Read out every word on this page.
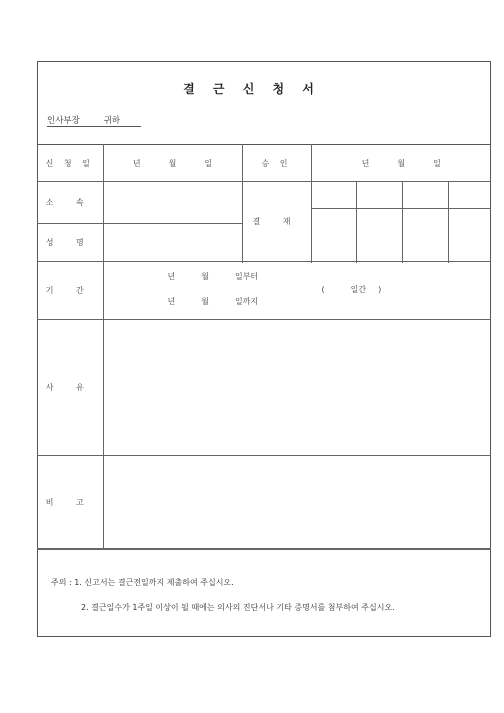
결 근 신 청 서
인사부장	귀하
신 청 일	년 월 일	승 인	년 월 일			
소 속		결 재				

성 명						

기 간	년 월 일부터
년 월 일까지
( 일간 )					

사 유						
비 고						
주의 : 1. 신고서는 결근전일까지 제출하여 주십시오.
2. 결근일수가 1주일 이상이 될 때에는 의사의 진단서나 기타 증명서를 첨부하여 주십시오.
